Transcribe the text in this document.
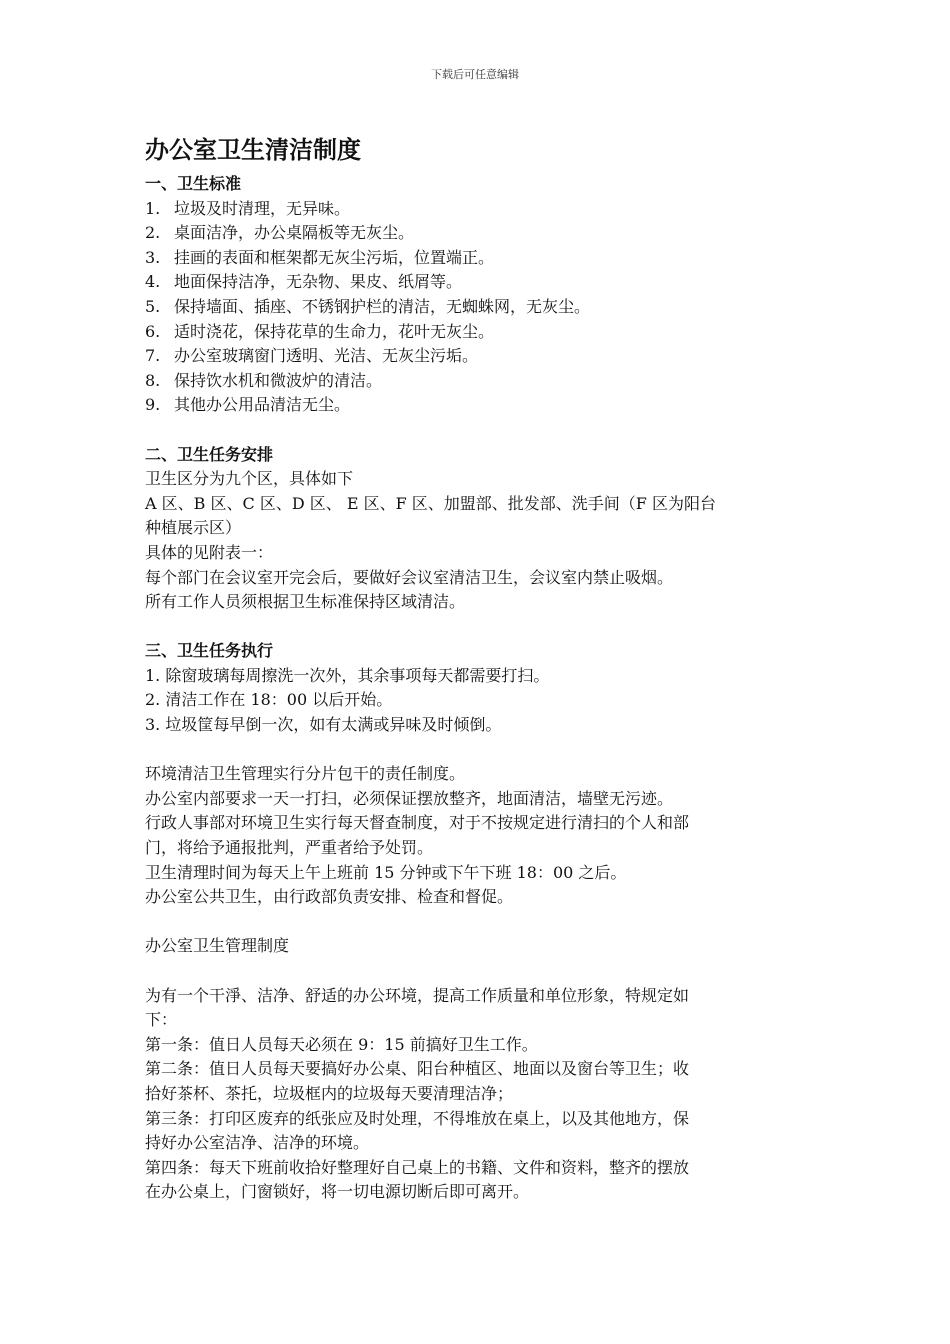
下载后可任意编辑
办公室卫生清洁制度
一、卫生标准

1. 垃圾及时清理，无异味。

2. 桌面洁净，办公桌隔板等无灰尘。

3. 挂画的表面和框架都无灰尘污垢，位置端正。

4. 地面保持洁净，无杂物、果皮、纸屑等。

5. 保持墙面、插座、不锈钢护栏的清洁，无蜘蛛网，无灰尘。

6. 适时浇花，保持花草的生命力，花叶无灰尘。

7. 办公室玻璃窗门透明、光洁、无灰尘污垢。

8. 保持饮水机和微波炉的清洁。

9. 其他办公用品清洁无尘。

二、卫生任务安排

卫生区分为九个区，具体如下

A 区、B 区、C 区、D 区、 E 区、F 区、加盟部、批发部、洗手间（F 区为阳台

种植展示区）

具体的见附表一：

每个部门在会议室开完会后，要做好会议室清洁卫生，会议室内禁止吸烟。

所有工作人员须根据卫生标准保持区域清洁。

三、卫生任务执行

1. 除窗玻璃每周擦洗一次外，其余事项每天都需要打扫。

2. 清洁工作在 18：00 以后开始。

3. 垃圾筐每早倒一次，如有太满或异味及时倾倒。

环境清洁卫生管理实行分片包干的责任制度。

办公室内部要求一天一打扫，必须保证摆放整齐，地面清洁，墙壁无污迹。

行政人事部对环境卫生实行每天督查制度，对于不按规定进行清扫的个人和部

门，将给予通报批判，严重者给予处罚。

卫生清理时间为每天上午上班前 15 分钟或下午下班 18：00 之后。

办公室公共卫生，由行政部负责安排、检查和督促。

办公室卫生管理制度

为有一个干淨、洁净、舒适的办公环境，提高工作质量和单位形象，特规定如

下：

第一条：值日人员每天必须在 9：15 前搞好卫生工作。

第二条：值日人员每天要搞好办公桌、阳台种植区、地面以及窗台等卫生；收

拾好茶杯、茶托，垃圾框内的垃圾每天要清理洁净；

第三条：打印区废弃的纸张应及时处理，不得堆放在桌上，以及其他地方，保

持好办公室洁净、洁净的环境。

第四条：每天下班前收拾好整理好自己桌上的书籍、文件和资料，整齐的摆放

在办公桌上，门窗锁好，将一切电源切断后即可离开。
